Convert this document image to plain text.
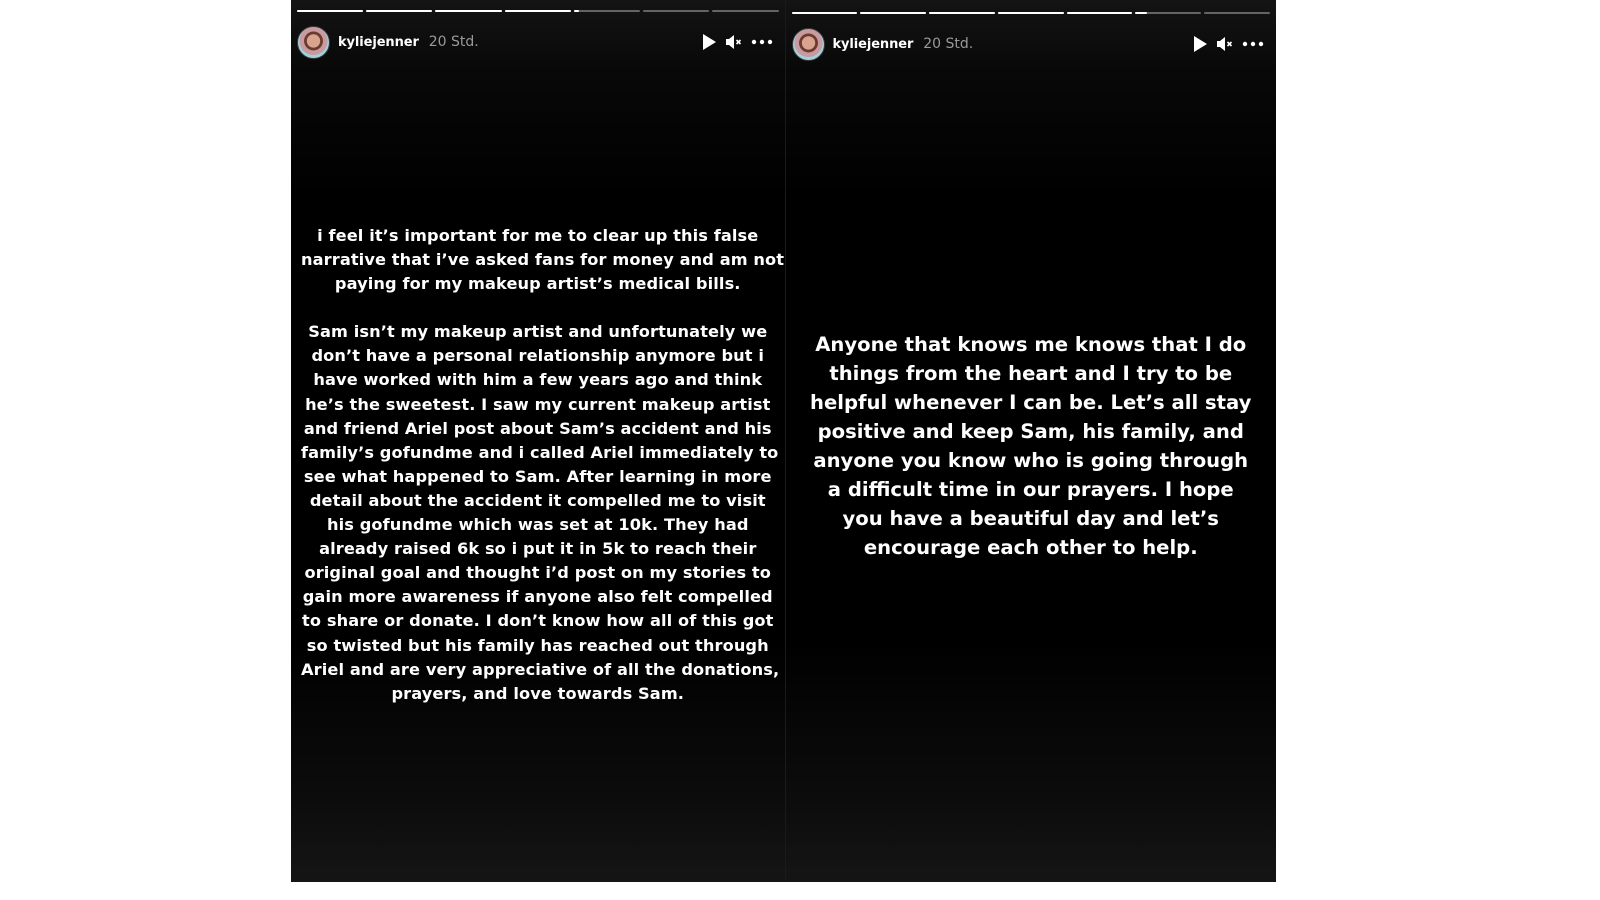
kyliejenner 20 Std.

i feel it’s important for me to clear up this false
narrative that i’ve asked fans for money and am not
paying for my makeup artist’s medical bills.

Sam isn’t my makeup artist and unfortunately we
don’t have a personal relationship anymore but i
have worked with him a few years ago and think
he’s the sweetest. I saw my current makeup artist
and friend Ariel post about Sam’s accident and his
family’s gofundme and i called Ariel immediately to
see what happened to Sam. After learning in more
detail about the accident it compelled me to visit
his gofundme which was set at 10k. They had
already raised 6k so i put it in 5k to reach their
original goal and thought i’d post on my stories to
gain more awareness if anyone also felt compelled
to share or donate. I don’t know how all of this got
so twisted but his family has reached out through
Ariel and are very appreciative of all the donations,
prayers, and love towards Sam.

kyliejenner 20 Std.

Anyone that knows me knows that I do
things from the heart and I try to be
helpful whenever I can be. Let’s all stay
positive and keep Sam, his family, and
anyone you know who is going through
a difficult time in our prayers. I hope
you have a beautiful day and let’s
encourage each other to help.
